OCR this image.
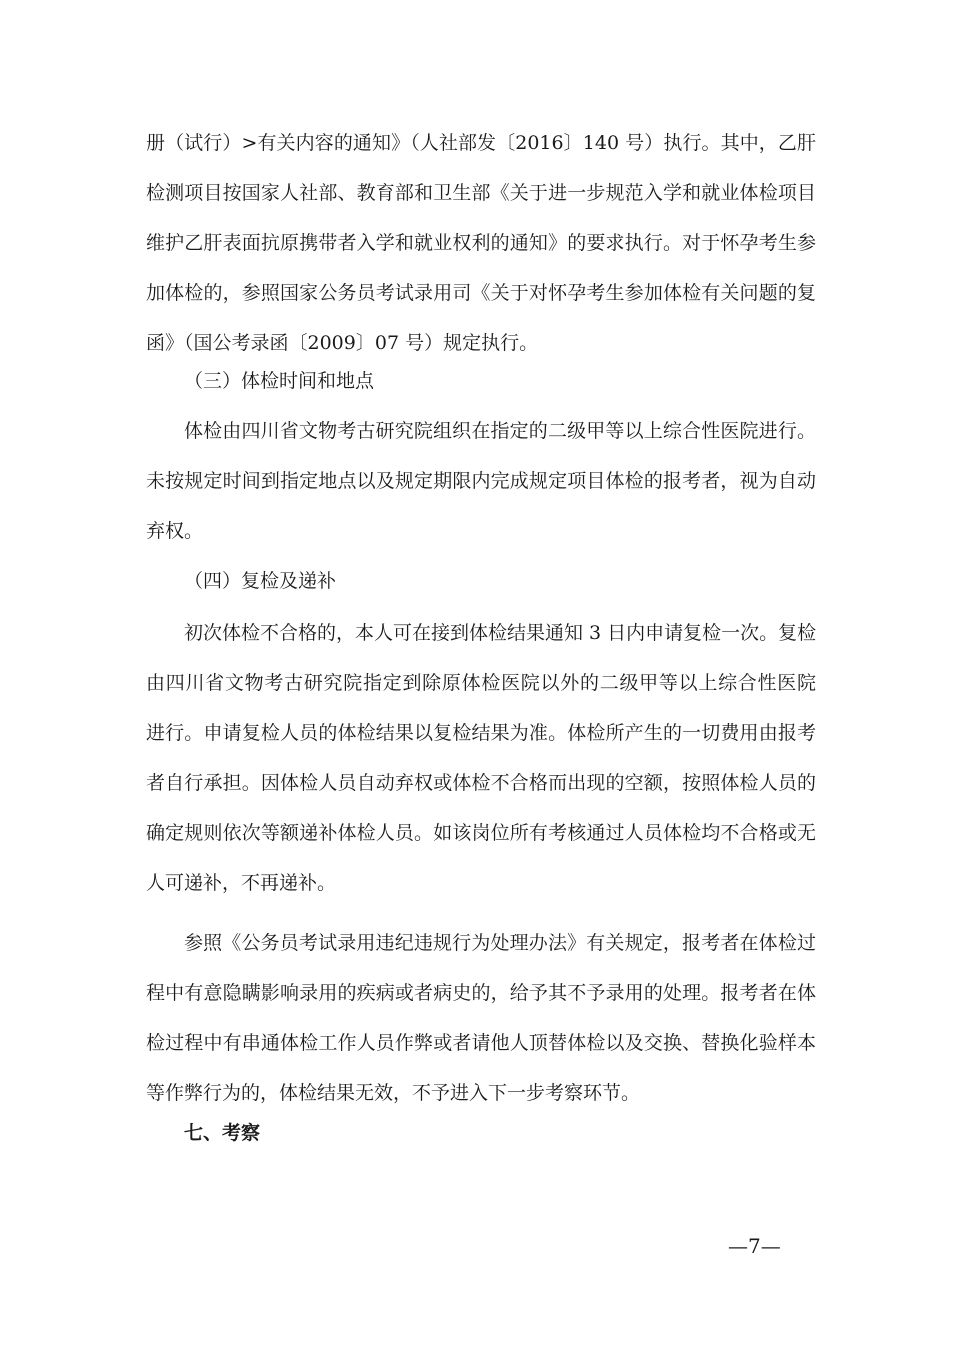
册（试行）>有关内容的通知》（人社部发〔2016〕140 号）执行。其中，乙肝
检测项目按国家人社部、教育部和卫生部《关于进一步规范入学和就业体检项目
维护乙肝表面抗原携带者入学和就业权利的通知》的要求执行。对于怀孕考生参
加体检的，参照国家公务员考试录用司《关于对怀孕考生参加体检有关问题的复
函》（国公考录函〔2009〕07 号）规定执行。
（三）体检时间和地点
体检由四川省文物考古研究院组织在指定的二级甲等以上综合性医院进行。
未按规定时间到指定地点以及规定期限内完成规定项目体检的报考者，视为自动
弃权。
（四）复检及递补
初次体检不合格的，本人可在接到体检结果通知 3 日内申请复检一次。复检
由四川省文物考古研究院指定到除原体检医院以外的二级甲等以上综合性医院
进行。申请复检人员的体检结果以复检结果为准。体检所产生的一切费用由报考
者自行承担。因体检人员自动弃权或体检不合格而出现的空额，按照体检人员的
确定规则依次等额递补体检人员。如该岗位所有考核通过人员体检均不合格或无
人可递补，不再递补。
参照《公务员考试录用违纪违规行为处理办法》有关规定，报考者在体检过
程中有意隐瞒影响录用的疾病或者病史的，给予其不予录用的处理。报考者在体
检过程中有串通体检工作人员作弊或者请他人顶替体检以及交换、替换化验样本
等作弊行为的，体检结果无效，不予进入下一步考察环节。
七、考察
—7—
